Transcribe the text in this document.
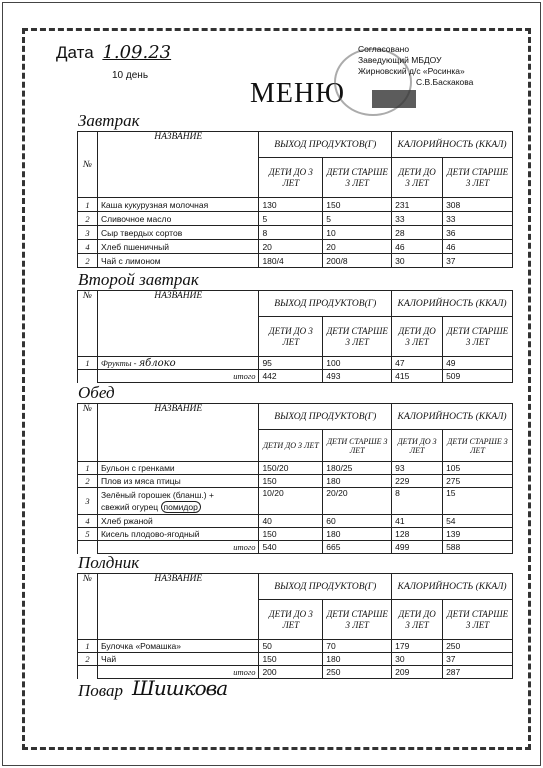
Дата 1.09.23
10 день
МЕНЮ
Согласовано
Заведующий МБДОУ
Жирновский д/с «Росинка»
С.В.Баскакова
Завтрак
№	НАЗВАНИЕ	ВЫХОД ПРОДУКТОВ(Г)		КАЛОРИЙНОСТЬ (ККАЛ)	
		ДЕТИ ДО 3 ЛЕТ	ДЕТИ СТАРШЕ 3 ЛЕТ	ДЕТИ ДО 3 ЛЕТ	ДЕТИ СТАРШЕ 3 ЛЕТ
1	Каша кукурузная молочная	130	150	231	308
2	Сливочное масло	5	5	33	33
3	Сыр твердых сортов	8	10	28	36
4	Хлеб пшеничный	20	20	46	46
2	Чай с лимоном	180/4	200/8	30	37
Второй завтрак
№	НАЗВАНИЕ	ВЫХОД ПРОДУКТОВ(Г)		КАЛОРИЙНОСТЬ (ККАЛ)	
		ДЕТИ ДО 3 ЛЕТ	ДЕТИ СТАРШЕ 3 ЛЕТ	ДЕТИ ДО 3 ЛЕТ	ДЕТИ СТАРШЕ 3 ЛЕТ
1	Фрукты - яблоко	95	100	47	49
	итого	442	493	415	509
Обед
№	НАЗВАНИЕ	ВЫХОД ПРОДУКТОВ(Г)		КАЛОРИЙНОСТЬ (ККАЛ)	
		ДЕТИ ДО 3 ЛЕТ	ДЕТИ СТАРШЕ 3 ЛЕТ	ДЕТИ ДО 3 ЛЕТ	ДЕТИ СТАРШЕ 3 ЛЕТ
1	Бульон с гренками	150/20	180/25	93	105
2	Плов из мяса птицы	150	180	229	275
3	Зелёный горошек (бланш.) +
свежий огурец помидор	10/20	20/20	8	15
4	Хлеб ржаной	40	60	41	54
5	Кисель плодово-ягодный	150	180	128	139
	итого	540	665	499	588
Полдник
№	НАЗВАНИЕ	ВЫХОД ПРОДУКТОВ(Г)		КАЛОРИЙНОСТЬ (ККАЛ)	
		ДЕТИ ДО 3 ЛЕТ	ДЕТИ СТАРШЕ 3 ЛЕТ	ДЕТИ ДО 3 ЛЕТ	ДЕТИ СТАРШЕ 3 ЛЕТ
1	Булочка «Ромашка»	50	70	179	250
2	Чай	150	180	30	37
	итого	200	250	209	287
Повар Шишкова
